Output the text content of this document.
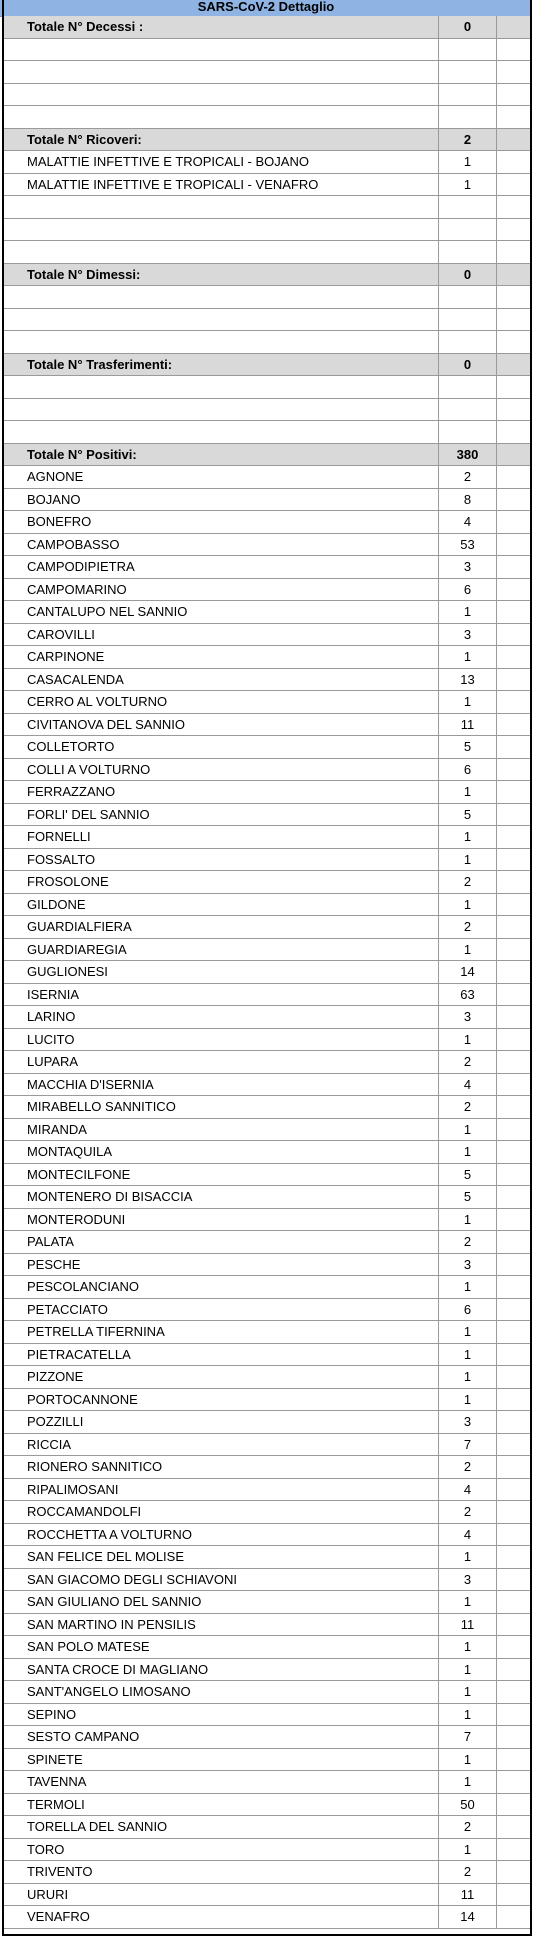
SARS-CoV-2 Dettaglio
Totale N° Decessi :	0
Totale N° Ricoveri:	2
MALATTIE INFETTIVE E TROPICALI - BOJANO	1
MALATTIE INFETTIVE E TROPICALI - VENAFRO	1
Totale N° Dimessi:	0
Totale N° Trasferimenti:	0
Totale N° Positivi:	380
AGNONE	2
BOJANO	8
BONEFRO	4
CAMPOBASSO	53
CAMPODIPIETRA	3
CAMPOMARINO	6
CANTALUPO NEL SANNIO	1
CAROVILLI	3
CARPINONE	1
CASACALENDA	13
CERRO AL VOLTURNO	1
CIVITANOVA DEL SANNIO	11
COLLETORTO	5
COLLI A VOLTURNO	6
FERRAZZANO	1
FORLI' DEL SANNIO	5
FORNELLI	1
FOSSALTO	1
FROSOLONE	2
GILDONE	1
GUARDIALFIERA	2
GUARDIAREGIA	1
GUGLIONESI	14
ISERNIA	63
LARINO	3
LUCITO	1
LUPARA	2
MACCHIA D'ISERNIA	4
MIRABELLO SANNITICO	2
MIRANDA	1
MONTAQUILA	1
MONTECILFONE	5
MONTENERO DI BISACCIA	5
MONTERODUNI	1
PALATA	2
PESCHE	3
PESCOLANCIANO	1
PETACCIATO	6
PETRELLA TIFERNINA	1
PIETRACATELLA	1
PIZZONE	1
PORTOCANNONE	1
POZZILLI	3
RICCIA	7
RIONERO SANNITICO	2
RIPALIMOSANI	4
ROCCAMANDOLFI	2
ROCCHETTA A VOLTURNO	4
SAN FELICE DEL MOLISE	1
SAN GIACOMO DEGLI SCHIAVONI	3
SAN GIULIANO DEL SANNIO	1
SAN MARTINO IN PENSILIS	11
SAN POLO MATESE	1
SANTA CROCE DI MAGLIANO	1
SANT'ANGELO LIMOSANO	1
SEPINO	1
SESTO CAMPANO	7
SPINETE	1
TAVENNA	1
TERMOLI	50
TORELLA DEL SANNIO	2
TORO	1
TRIVENTO	2
URURI	11
VENAFRO	14
